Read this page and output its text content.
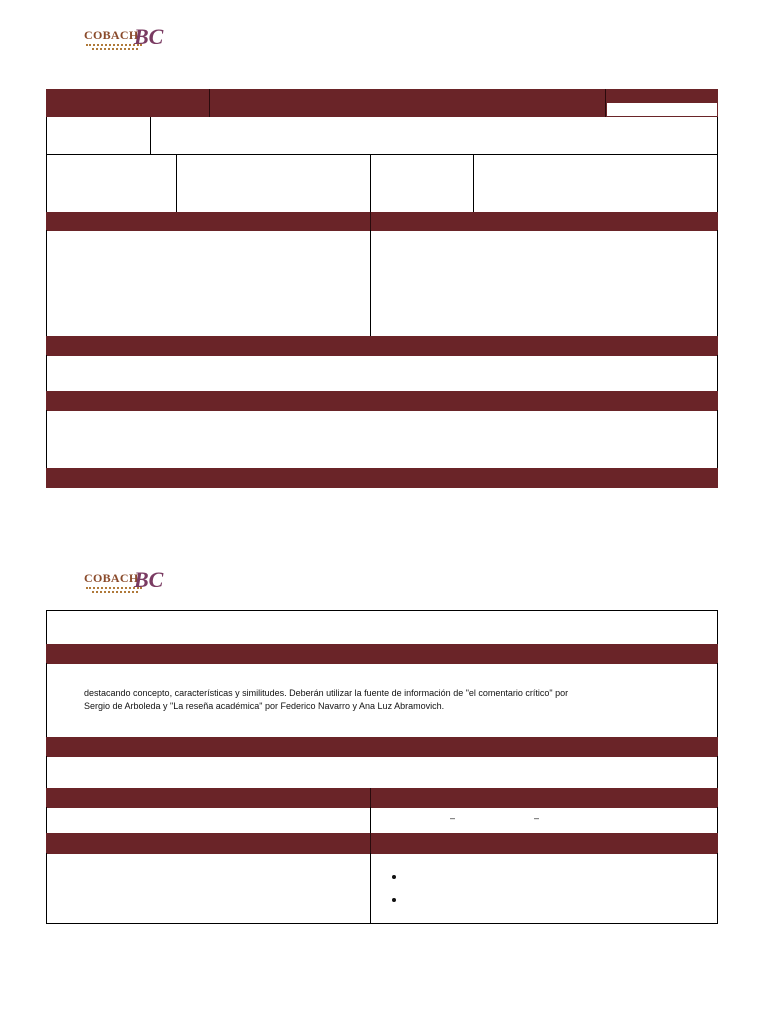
COBACH
BC
COBACH
BC
destacando concepto, características y similitudes. Deberán utilizar la fuente de información de "el comentario crítico" por
Sergio de Arboleda y "La reseña académica" por Federico Navarro y Ana Luz Abramovich.
–	–
